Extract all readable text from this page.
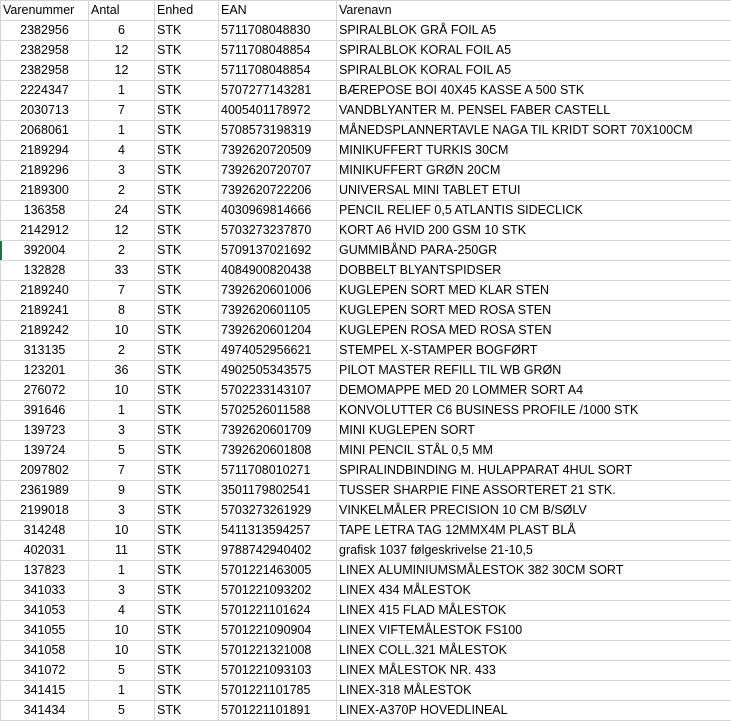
Varenummer	Antal	Enhed	EAN	Varenavn
2382956	6	STK	5711708048830	SPIRALBLOK GRÅ FOIL A5
2382958	12	STK	5711708048854	SPIRALBLOK KORAL FOIL A5
2382958	12	STK	5711708048854	SPIRALBLOK KORAL FOIL A5
2224347	1	STK	5707277143281	BÆREPOSE BOI 40X45 KASSE A 500 STK
2030713	7	STK	4005401178972	VANDBLYANTER M. PENSEL FABER CASTELL
2068061	1	STK	5708573198319	MÅNEDSPLANNERTAVLE NAGA TIL KRIDT SORT 70X100CM
2189294	4	STK	7392620720509	MINIKUFFERT TURKIS 30CM
2189296	3	STK	7392620720707	MINIKUFFERT GRØN 20CM
2189300	2	STK	7392620722206	UNIVERSAL MINI TABLET ETUI
136358	24	STK	4030969814666	PENCIL RELIEF 0,5 ATLANTIS SIDECLICK
2142912	12	STK	5703273237870	KORT A6 HVID 200 GSM 10 STK
392004	2	STK	5709137021692	GUMMIBÅND PARA-250GR
132828	33	STK	4084900820438	DOBBELT BLYANTSPIDSER
2189240	7	STK	7392620601006	KUGLEPEN SORT MED KLAR STEN
2189241	8	STK	7392620601105	KUGLEPEN SORT MED ROSA STEN
2189242	10	STK	7392620601204	KUGLEPEN ROSA MED ROSA STEN
313135	2	STK	4974052956621	STEMPEL X-STAMPER BOGFØRT
123201	36	STK	4902505343575	PILOT MASTER REFILL TIL WB GRØN
276072	10	STK	5702233143107	DEMOMAPPE MED 20 LOMMER SORT A4
391646	1	STK	5702526011588	KONVOLUTTER C6 BUSINESS PROFILE /1000 STK
139723	3	STK	7392620601709	MINI KUGLEPEN SORT
139724	5	STK	7392620601808	MINI PENCIL STÅL 0,5 MM
2097802	7	STK	5711708010271	SPIRALINDBINDING M. HULAPPARAT 4HUL SORT
2361989	9	STK	3501179802541	TUSSER SHARPIE FINE ASSORTERET 21 STK.
2199018	3	STK	5703273261929	VINKELMÅLER PRECISION 10 CM B/SØLV
314248	10	STK	5411313594257	TAPE LETRA TAG 12MMX4M PLAST BLÅ
402031	11	STK	9788742940402	grafisk 1037 følgeskrivelse 21-10,5
137823	1	STK	5701221463005	LINEX ALUMINIUMSMÅLESTOK 382 30CM SORT
341033	3	STK	5701221093202	LINEX 434 MÅLESTOK
341053	4	STK	5701221101624	LINEX 415 FLAD MÅLESTOK
341055	10	STK	5701221090904	LINEX VIFTEMÅLESTOK FS100
341058	10	STK	5701221321008	LINEX COLL.321 MÅLESTOK
341072	5	STK	5701221093103	LINEX MÅLESTOK NR. 433
341415	1	STK	5701221101785	LINEX-318 MÅLESTOK
341434	5	STK	5701221101891	LINEX-A370P HOVEDLINEAL
